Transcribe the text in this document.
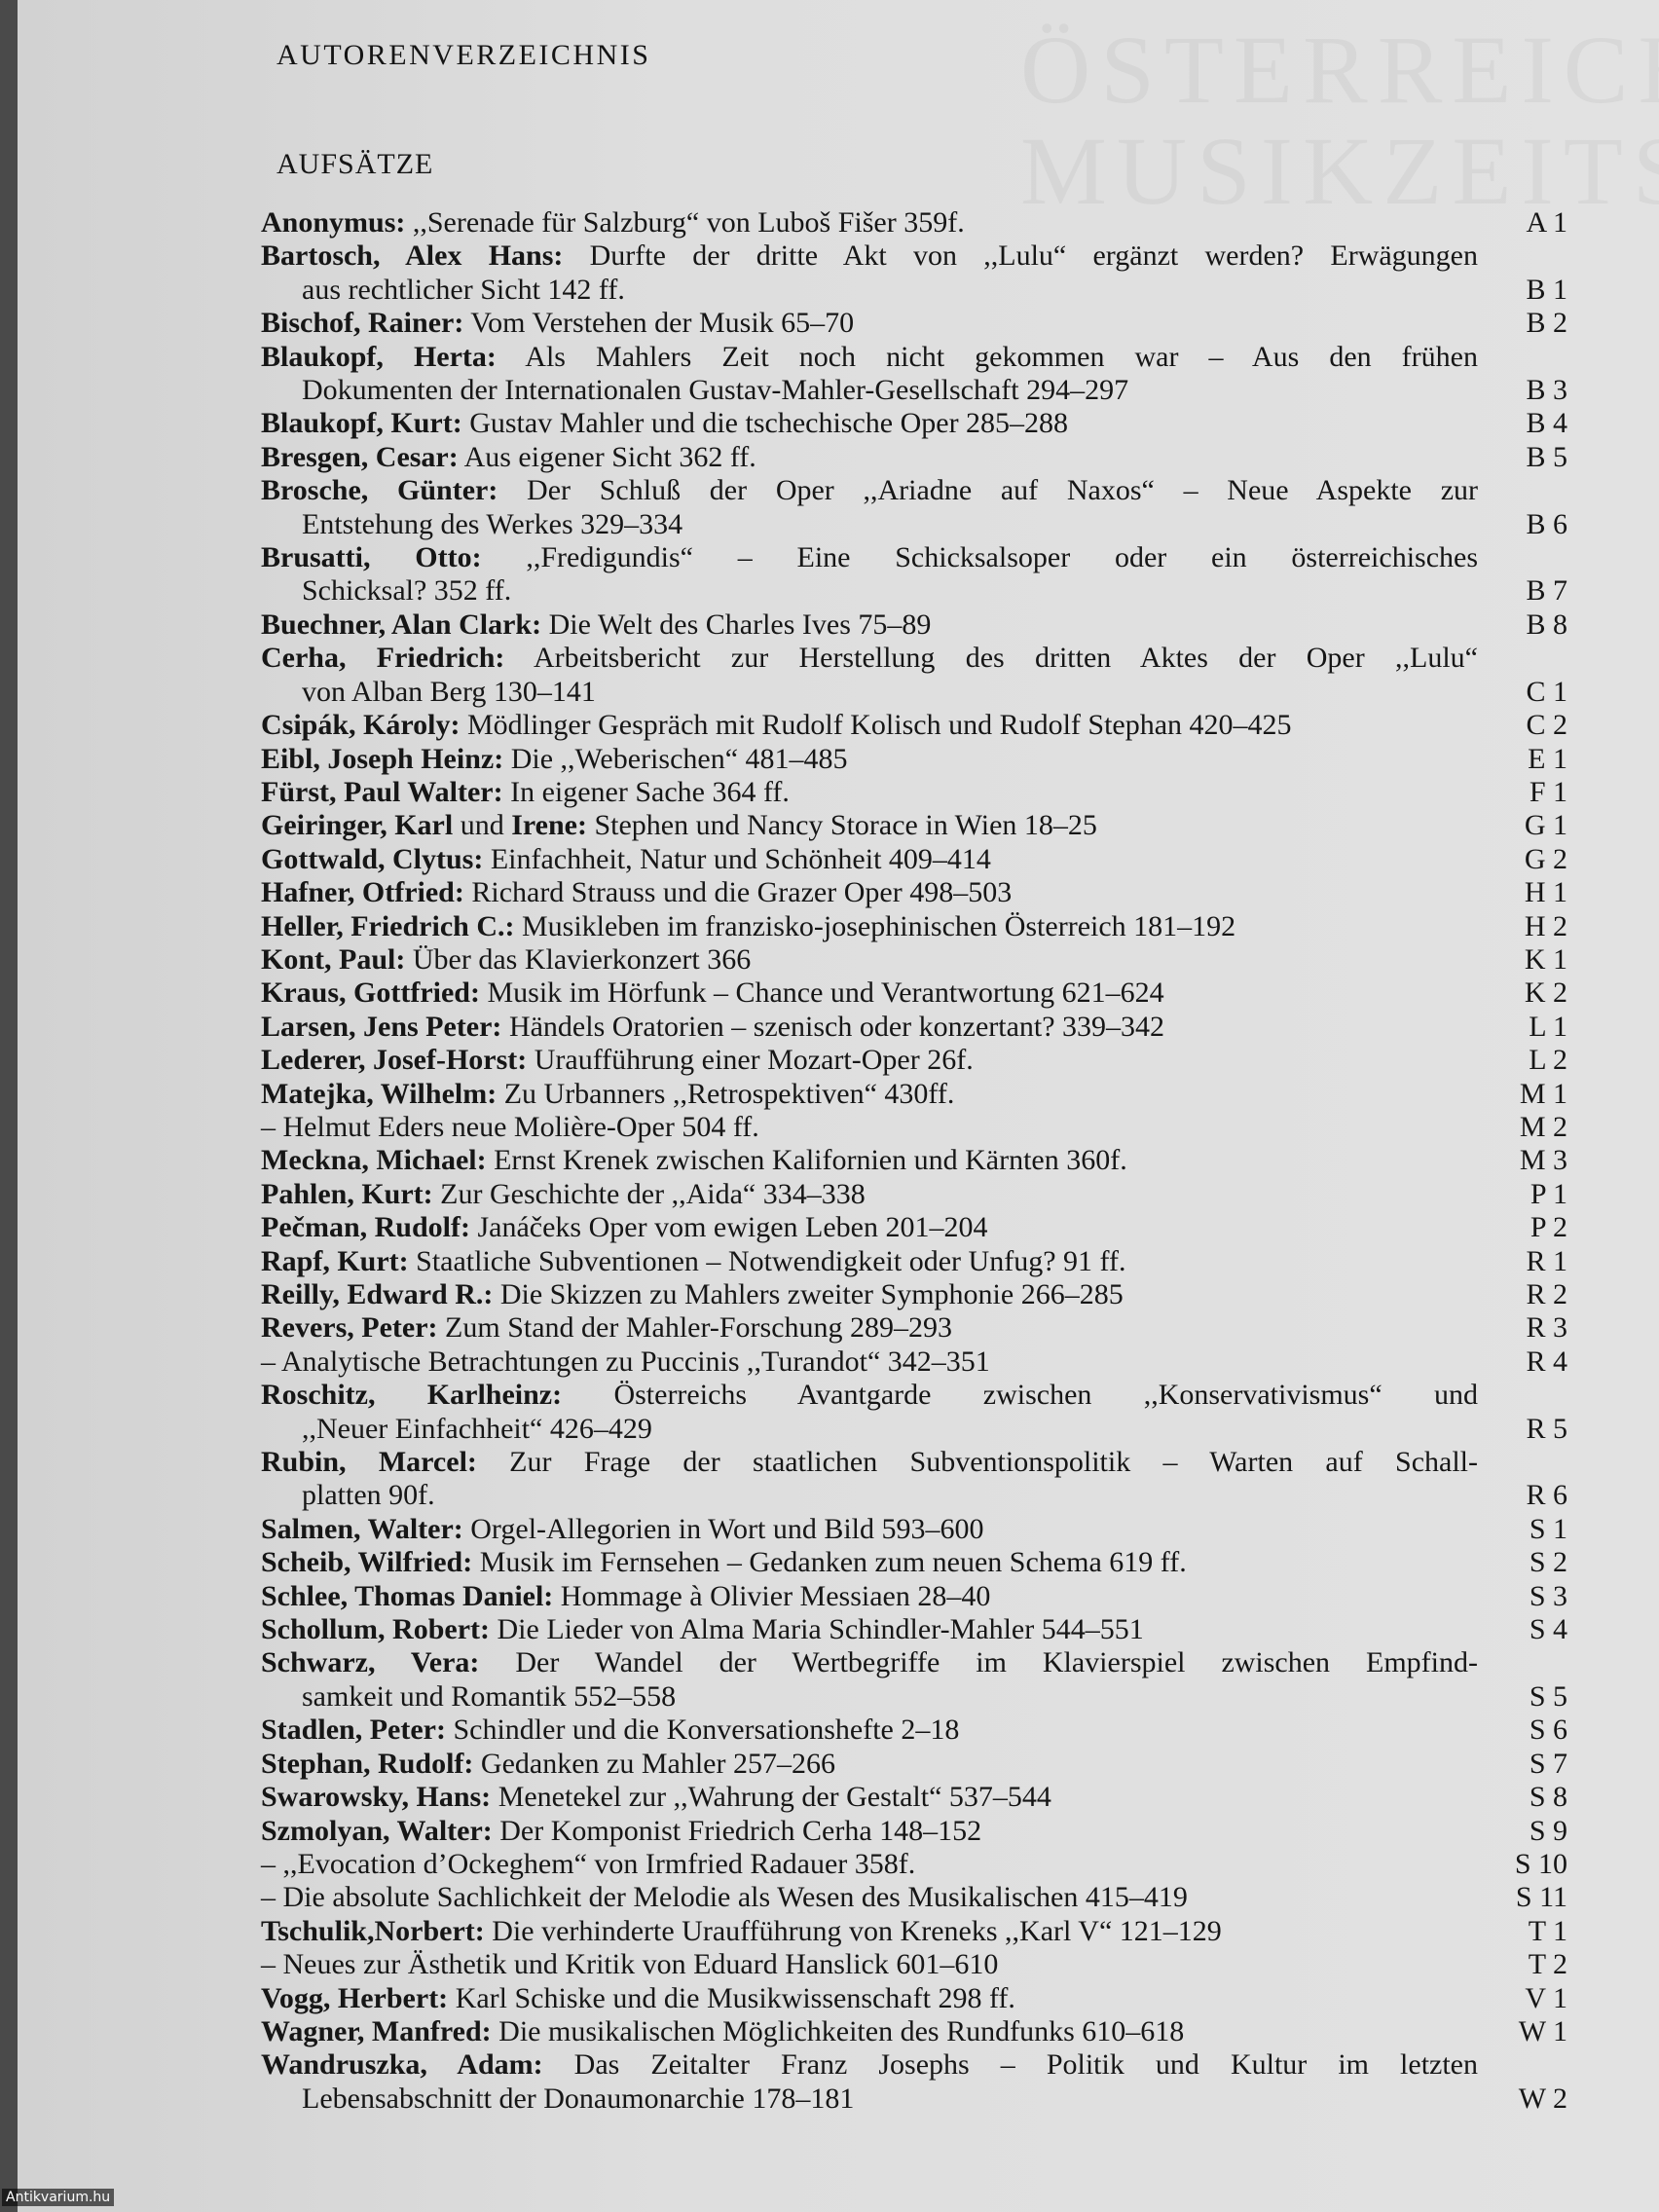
AUTORENVERZEICHNIS
AUFSÄTZE
Anonymus: ,,Serenade für Salzburg“ von Luboš Fišer 359f.	A 1
Bartosch, Alex Hans: Durfte der dritte Akt von ,,Lulu“ ergänzt werden? Erwägungen
aus rechtlicher Sicht 142 ff.	B 1
Bischof, Rainer: Vom Verstehen der Musik 65–70	B 2
Blaukopf, Herta: Als Mahlers Zeit noch nicht gekommen war – Aus den frühen
Dokumenten der Internationalen Gustav-Mahler-Gesellschaft 294–297	B 3
Blaukopf, Kurt: Gustav Mahler und die tschechische Oper 285–288	B 4
Bresgen, Cesar: Aus eigener Sicht 362 ff.	B 5
Brosche, Günter: Der Schluß der Oper ,,Ariadne auf Naxos“ – Neue Aspekte zur
Entstehung des Werkes 329–334	B 6
Brusatti, Otto: ,,Fredigundis“ – Eine Schicksalsoper oder ein österreichisches
Schicksal? 352 ff.	B 7
Buechner, Alan Clark: Die Welt des Charles Ives 75–89	B 8
Cerha, Friedrich: Arbeitsbericht zur Herstellung des dritten Aktes der Oper ,,Lulu“
von Alban Berg 130–141	C 1
Csipák, Károly: Mödlinger Gespräch mit Rudolf Kolisch und Rudolf Stephan 420–425	C 2
Eibl, Joseph Heinz: Die ,,Weberischen“ 481–485	E 1
Fürst, Paul Walter: In eigener Sache 364 ff.	F 1
Geiringer, Karl und Irene: Stephen und Nancy Storace in Wien 18–25	G 1
Gottwald, Clytus: Einfachheit, Natur und Schönheit 409–414	G 2
Hafner, Otfried: Richard Strauss und die Grazer Oper 498–503	H 1
Heller, Friedrich C.: Musikleben im franzisko-josephinischen Österreich 181–192	H 2
Kont, Paul: Über das Klavierkonzert 366	K 1
Kraus, Gottfried: Musik im Hörfunk – Chance und Verantwortung 621–624	K 2
Larsen, Jens Peter: Händels Oratorien – szenisch oder konzertant? 339–342	L 1
Lederer, Josef-Horst: Uraufführung einer Mozart-Oper 26f.	L 2
Matejka, Wilhelm: Zu Urbanners ,,Retrospektiven“ 430ff.	M 1
– Helmut Eders neue Molière-Oper 504 ff.	M 2
Meckna, Michael: Ernst Krenek zwischen Kalifornien und Kärnten 360f.	M 3
Pahlen, Kurt: Zur Geschichte der ,,Aida“ 334–338	P 1
Pečman, Rudolf: Janáčeks Oper vom ewigen Leben 201–204	P 2
Rapf, Kurt: Staatliche Subventionen – Notwendigkeit oder Unfug? 91 ff.	R 1
Reilly, Edward R.: Die Skizzen zu Mahlers zweiter Symphonie 266–285	R 2
Revers, Peter: Zum Stand der Mahler-Forschung 289–293	R 3
– Analytische Betrachtungen zu Puccinis ,,Turandot“ 342–351	R 4
Roschitz, Karlheinz: Österreichs Avantgarde zwischen ,,Konservativismus“ und
,,Neuer Einfachheit“ 426–429	R 5
Rubin, Marcel: Zur Frage der staatlichen Subventionspolitik – Warten auf Schall-
platten 90f.	R 6
Salmen, Walter: Orgel-Allegorien in Wort und Bild 593–600	S 1
Scheib, Wilfried: Musik im Fernsehen – Gedanken zum neuen Schema 619 ff.	S 2
Schlee, Thomas Daniel: Hommage à Olivier Messiaen 28–40	S 3
Schollum, Robert: Die Lieder von Alma Maria Schindler-Mahler 544–551	S 4
Schwarz, Vera: Der Wandel der Wertbegriffe im Klavierspiel zwischen Empfind-
samkeit und Romantik 552–558	S 5
Stadlen, Peter: Schindler und die Konversationshefte 2–18	S 6
Stephan, Rudolf: Gedanken zu Mahler 257–266	S 7
Swarowsky, Hans: Menetekel zur ,,Wahrung der Gestalt“ 537–544	S 8
Szmolyan, Walter: Der Komponist Friedrich Cerha 148–152	S 9
– ,,Evocation d’Ockeghem“ von Irmfried Radauer 358f.	S 10
– Die absolute Sachlichkeit der Melodie als Wesen des Musikalischen 415–419	S 11
Tschulik,Norbert: Die verhinderte Uraufführung von Kreneks ,,Karl V“ 121–129	T 1
– Neues zur Ästhetik und Kritik von Eduard Hanslick 601–610	T 2
Vogg, Herbert: Karl Schiske und die Musikwissenschaft 298 ff.	V 1
Wagner, Manfred: Die musikalischen Möglichkeiten des Rundfunks 610–618	W 1
Wandruszka, Adam: Das Zeitalter Franz Josephs – Politik und Kultur im letzten
Lebensabschnitt der Donaumonarchie 178–181	W 2
Antikvarium.hu
